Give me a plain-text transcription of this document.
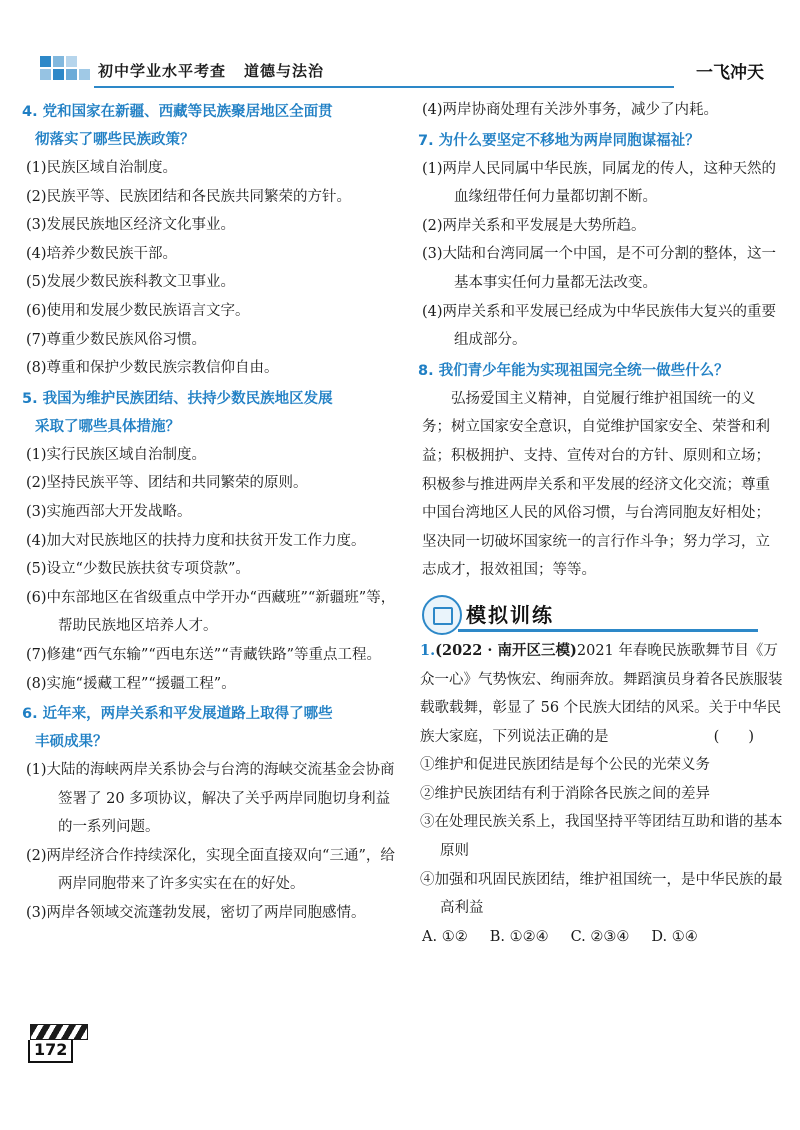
初中学业水平考查 道德与法治	一飞冲天
4. 党和国家在新疆、西藏等民族聚居地区全面贯
彻落实了哪些民族政策？
(1)民族区域自治制度。
(2)民族平等、民族团结和各民族共同繁荣的方针。
(3)发展民族地区经济文化事业。
(4)培养少数民族干部。
(5)发展少数民族科教文卫事业。
(6)使用和发展少数民族语言文字。
(7)尊重少数民族风俗习惯。
(8)尊重和保护少数民族宗教信仰自由。
5. 我国为维护民族团结、扶持少数民族地区发展
采取了哪些具体措施？
(1)实行民族区域自治制度。
(2)坚持民族平等、团结和共同繁荣的原则。
(3)实施西部大开发战略。
(4)加大对民族地区的扶持力度和扶贫开发工作力度。
(5)设立“少数民族扶贫专项贷款”。
(6)中东部地区在省级重点中学开办“西藏班”“新疆班”等，帮助民族地区培养人才。
(7)修建“西气东输”“西电东送”“青藏铁路”等重点工程。
(8)实施“援藏工程”“援疆工程”。
6. 近年来，两岸关系和平发展道路上取得了哪些
丰硕成果？
(1)大陆的海峡两岸关系协会与台湾的海峡交流基金会协商签署了 20 多项协议，解决了关乎两岸同胞切身利益的一系列问题。
(2)两岸经济合作持续深化，实现全面直接双向“三通”，给两岸同胞带来了许多实实在在的好处。
(3)两岸各领域交流蓬勃发展，密切了两岸同胞感情。
(4)两岸协商处理有关涉外事务，减少了内耗。
7. 为什么要坚定不移地为两岸同胞谋福祉？
(1)两岸人民同属中华民族，同属龙的传人，这种天然的血缘纽带任何力量都切割不断。
(2)两岸关系和平发展是大势所趋。
(3)大陆和台湾同属一个中国，是不可分割的整体，这一基本事实任何力量都无法改变。
(4)两岸关系和平发展已经成为中华民族伟大复兴的重要组成部分。
8. 我们青少年能为实现祖国完全统一做些什么？
弘扬爱国主义精神，自觉履行维护祖国统一的义务；树立国家安全意识，自觉维护国家安全、荣誉和利益；积极拥护、支持、宣传对台的方针、原则和立场；积极参与推进两岸关系和平发展的经济文化交流；尊重中国台湾地区人民的风俗习惯，与台湾同胞友好相处；坚决同一切破坏国家统一的言行作斗争；努力学习，立志成才，报效祖国；等等。
模拟训练
1.(2022 · 南开区三模)2021 年春晚民族歌舞节目《万众一心》气势恢宏、绚丽奔放。舞蹈演员身着各民族服装载歌载舞，彰显了 56 个民族大团结的风采。关于中华民族大家庭，下列说法正确的是	(　　)
①维护和促进民族团结是每个公民的光荣义务
②维护民族团结有利于消除各民族之间的差异
③在处理民族关系上，我国坚持平等团结互助和谐的基本原则
④加强和巩固民族团结，维护祖国统一，是中华民族的最高利益
A. ①② B. ①②④ C. ②③④ D. ①④
172
